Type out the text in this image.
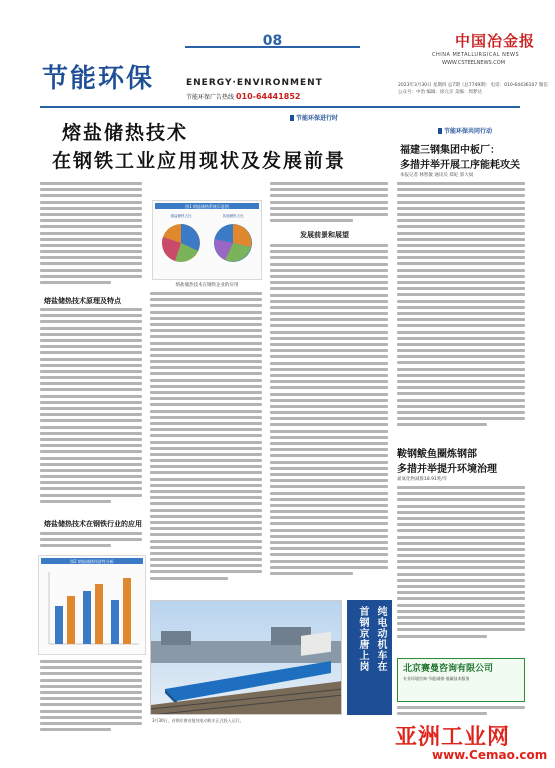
08	中国冶金报
CHINA METALLURGICAL NEWS
WWW.CSTEELNEWS.COM
节能环保	ENERGY·ENVIRONMENT
节能环保广告热线 010-64441852
2023年3月30日 星期四 总7期（总7749期） 电话：010-64436107 微信公众号：中冶 编辑：徐元京 美编：周梦达
节能环保进行时
节能环保共同行动
熔盐储热技术
在钢铁工业应用现状及发展前景
熔盐储热技术原理及特点
熔盐储热技术在钢铁行业的应用
图2 熔盐储热经济性分析
图1 熔盐储热系统示意图
熔盐储热占比	其他储热占比
熔盐储热技术在钢铁企业的应用
发展前景和展望
福建三钢集团中板厂：
多措并举开展工序能耗攻关
本报记者 林智敏 通讯员 郑妃 郭大斌
鞍钢鲅鱼圈炼钢部
多措并举提升环境治理
氮氧化物减排18.91吨/年
3月30日，首钢京唐首批纯电动机车正式投入运行。
纯电动机车在
首钢京唐上岗	北京赛曼咨询有限公司
专业环境咨询·节能减排·低碳技术服务
亚洲工业网
www.Cemao.com
